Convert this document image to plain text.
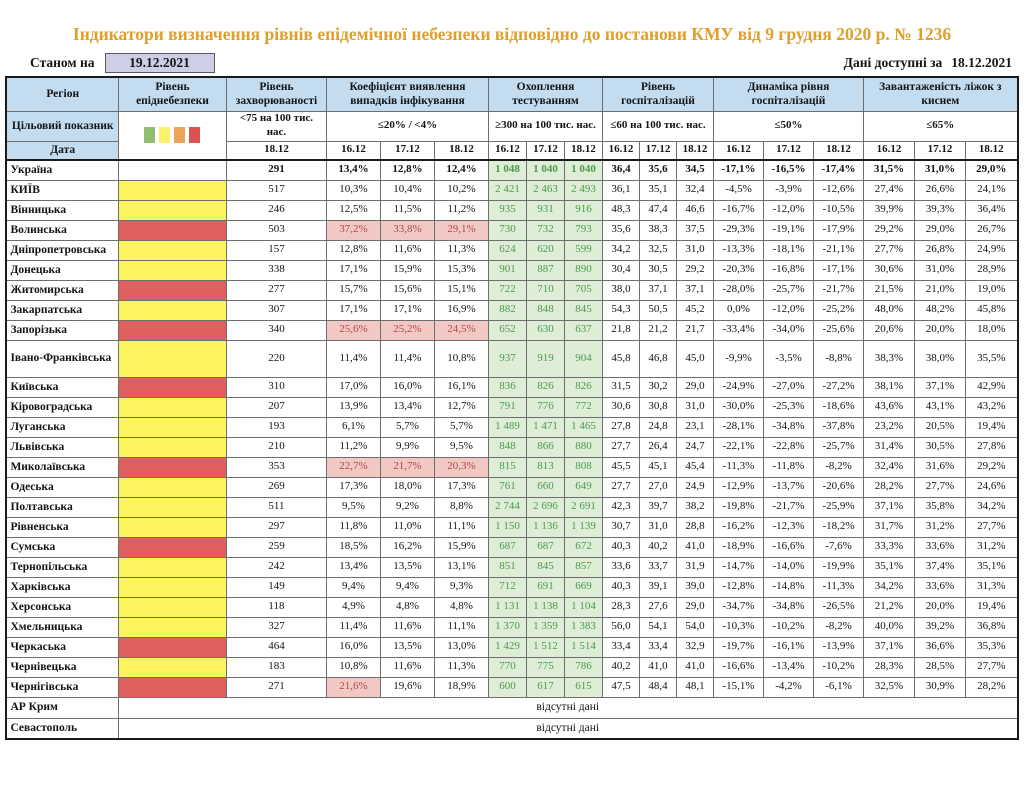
Індикатори визначення рівнів епідемічної небезпеки відповідно до постанови КМУ від 9 грудня 2020 р. № 1236
Станом на	19.12.2021	Дані доступні за 18.12.2021
Регіон	Рівень епіднебезпеки	Рівень захворюваності	Коефіцієнт виявлення випадків інфікування			Охоплення тестуванням			Рівень госпіталізацій			Динаміка рівня госпіталізацій			Завантаженість ліжок з киснем		
Цільовий показник		<75 на 100 тис. нас.	≤20% / <4%			≥300 на 100 тис. нас.			≤60 на 100 тис. нас.			≤50%			≤65%		
Дата		18.12	16.12	17.12	18.12	16.12	17.12	18.12	16.12	17.12	18.12	16.12	17.12	18.12	16.12	17.12	18.12
Україна		291	13,4%	12,8%	12,4%	1 048	1 040	1 040	36,4	35,6	34,5	-17,1%	-16,5%	-17,4%	31,5%	31,0%	29,0%
КИЇВ		517	10,3%	10,4%	10,2%	2 421	2 463	2 493	36,1	35,1	32,4	-4,5%	-3,9%	-12,6%	27,4%	26,6%	24,1%
Вінницька		246	12,5%	11,5%	11,2%	935	931	916	48,3	47,4	46,6	-16,7%	-12,0%	-10,5%	39,9%	39,3%	36,4%
Волинська		503	37,2%	33,8%	29,1%	730	732	793	35,6	38,3	37,5	-29,3%	-19,1%	-17,9%	29,2%	29,0%	26,7%
Дніпропетровська		157	12,8%	11,6%	11,3%	624	620	599	34,2	32,5	31,0	-13,3%	-18,1%	-21,1%	27,7%	26,8%	24,9%
Донецька		338	17,1%	15,9%	15,3%	901	887	890	30,4	30,5	29,2	-20,3%	-16,8%	-17,1%	30,6%	31,0%	28,9%
Житомирська		277	15,7%	15,6%	15,1%	722	710	705	38,0	37,1	37,1	-28,0%	-25,7%	-21,7%	21,5%	21,0%	19,0%
Закарпатська		307	17,1%	17,1%	16,9%	882	848	845	54,3	50,5	45,2	0,0%	-12,0%	-25,2%	48,0%	48,2%	45,8%
Запорізька		340	25,6%	25,2%	24,5%	652	630	637	21,8	21,2	21,7	-33,4%	-34,0%	-25,6%	20,6%	20,0%	18,0%
Івано-Франківська		220	11,4%	11,4%	10,8%	937	919	904	45,8	46,8	45,0	-9,9%	-3,5%	-8,8%	38,3%	38,0%	35,5%
Київська		310	17,0%	16,0%	16,1%	836	826	826	31,5	30,2	29,0	-24,9%	-27,0%	-27,2%	38,1%	37,1%	42,9%
Кіровоградська		207	13,9%	13,4%	12,7%	791	776	772	30,6	30,8	31,0	-30,0%	-25,3%	-18,6%	43,6%	43,1%	43,2%
Луганська		193	6,1%	5,7%	5,7%	1 489	1 471	1 465	27,8	24,8	23,1	-28,1%	-34,8%	-37,8%	23,2%	20,5%	19,4%
Львівська		210	11,2%	9,9%	9,5%	848	866	880	27,7	26,4	24,7	-22,1%	-22,8%	-25,7%	31,4%	30,5%	27,8%
Миколаївська		353	22,7%	21,7%	20,3%	815	813	808	45,5	45,1	45,4	-11,3%	-11,8%	-8,2%	32,4%	31,6%	29,2%
Одеська		269	17,3%	18,0%	17,3%	761	660	649	27,7	27,0	24,9	-12,9%	-13,7%	-20,6%	28,2%	27,7%	24,6%
Полтавська		511	9,5%	9,2%	8,8%	2 744	2 696	2 691	42,3	39,7	38,2	-19,8%	-21,7%	-25,9%	37,1%	35,8%	34,2%
Рівненська		297	11,8%	11,0%	11,1%	1 150	1 136	1 139	30,7	31,0	28,8	-16,2%	-12,3%	-18,2%	31,7%	31,2%	27,7%
Сумська		259	18,5%	16,2%	15,9%	687	687	672	40,3	40,2	41,0	-18,9%	-16,6%	-7,6%	33,3%	33,6%	31,2%
Тернопільська		242	13,4%	13,5%	13,1%	851	845	857	33,6	33,7	31,9	-14,7%	-14,0%	-19,9%	35,1%	37,4%	35,1%
Харківська		149	9,4%	9,4%	9,3%	712	691	669	40,3	39,1	39,0	-12,8%	-14,8%	-11,3%	34,2%	33,6%	31,3%
Херсонська		118	4,9%	4,8%	4,8%	1 131	1 138	1 104	28,3	27,6	29,0	-34,7%	-34,8%	-26,5%	21,2%	20,0%	19,4%
Хмельницька		327	11,4%	11,6%	11,1%	1 370	1 359	1 383	56,0	54,1	54,0	-10,3%	-10,2%	-8,2%	40,0%	39,2%	36,8%
Черкаська		464	16,0%	13,5%	13,0%	1 429	1 512	1 514	33,4	33,4	32,9	-19,7%	-16,1%	-13,9%	37,1%	36,6%	35,3%
Чернівецька		183	10,8%	11,6%	11,3%	770	775	786	40,2	41,0	41,0	-16,6%	-13,4%	-10,2%	28,3%	28,5%	27,7%
Чернігівська		271	21,6%	19,6%	18,9%	600	617	615	47,5	48,4	48,1	-15,1%	-4,2%	-6,1%	32,5%	30,9%	28,2%
АР Крим	відсутні дані																
Севастополь	відсутні дані																
